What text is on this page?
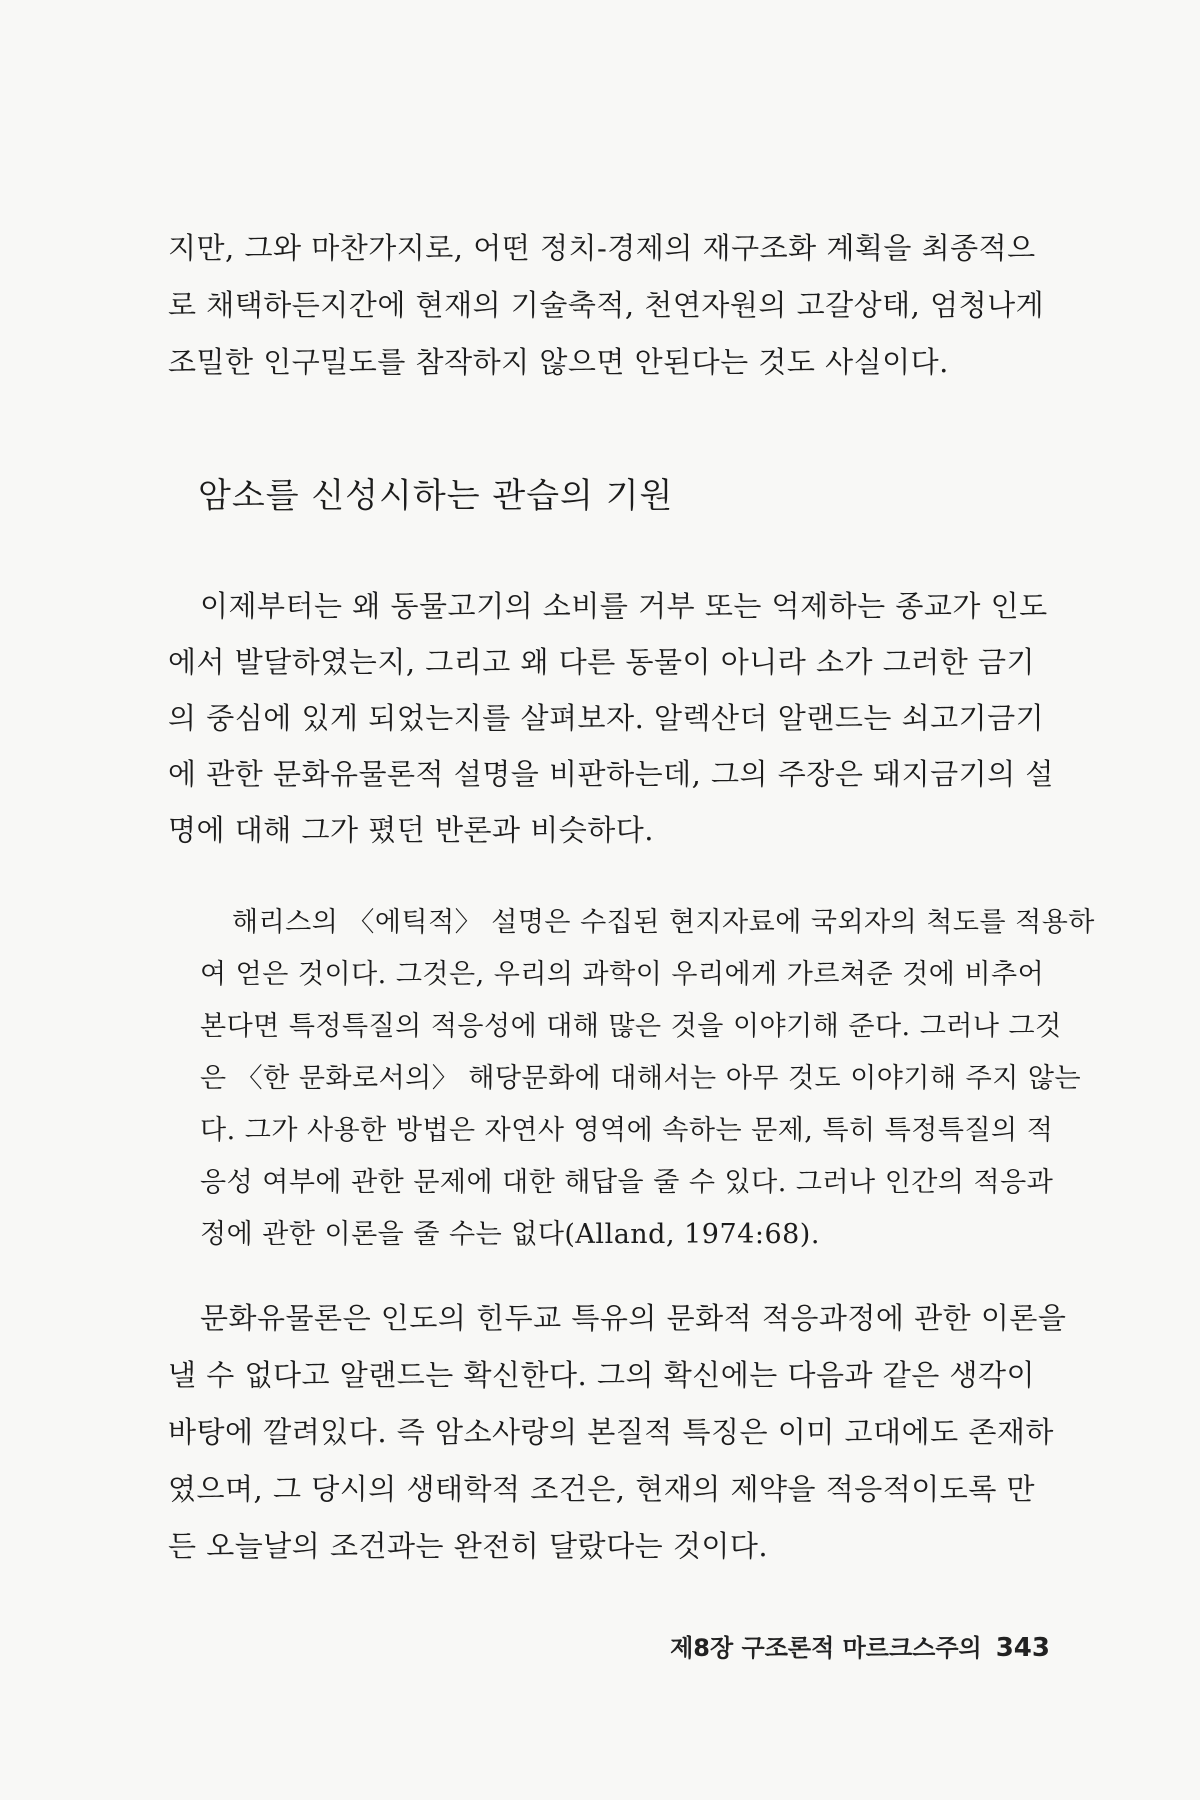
지만, 그와 마찬가지로, 어떤 정치-경제의 재구조화 계획을 최종적으
로 채택하든지간에 현재의 기술축적, 천연자원의 고갈상태, 엄청나게
조밀한 인구밀도를 참작하지 않으면 안된다는 것도 사실이다.
암소를 신성시하는 관습의 기원
이제부터는 왜 동물고기의 소비를 거부 또는 억제하는 종교가 인도
에서 발달하였는지, 그리고 왜 다른 동물이 아니라 소가 그러한 금기
의 중심에 있게 되었는지를 살펴보자. 알렉산더 알랜드는 쇠고기금기
에 관한 문화유물론적 설명을 비판하는데, 그의 주장은 돼지금기의 설
명에 대해 그가 폈던 반론과 비슷하다.
해리스의 〈에틱적〉 설명은 수집된 현지자료에 국외자의 척도를 적용하
여 얻은 것이다. 그것은, 우리의 과학이 우리에게 가르쳐준 것에 비추어
본다면 특정특질의 적응성에 대해 많은 것을 이야기해 준다. 그러나 그것
은 〈한 문화로서의〉 해당문화에 대해서는 아무 것도 이야기해 주지 않는
다. 그가 사용한 방법은 자연사 영역에 속하는 문제, 특히 특정특질의 적
응성 여부에 관한 문제에 대한 해답을 줄 수 있다. 그러나 인간의 적응과
정에 관한 이론을 줄 수는 없다(Alland, 1974:68).
문화유물론은 인도의 힌두교 특유의 문화적 적응과정에 관한 이론을
낼 수 없다고 알랜드는 확신한다. 그의 확신에는 다음과 같은 생각이
바탕에 깔려있다. 즉 암소사랑의 본질적 특징은 이미 고대에도 존재하
였으며, 그 당시의 생태학적 조건은, 현재의 제약을 적응적이도록 만
든 오늘날의 조건과는 완전히 달랐다는 것이다.
제8장 구조론적 마르크스주의 343
